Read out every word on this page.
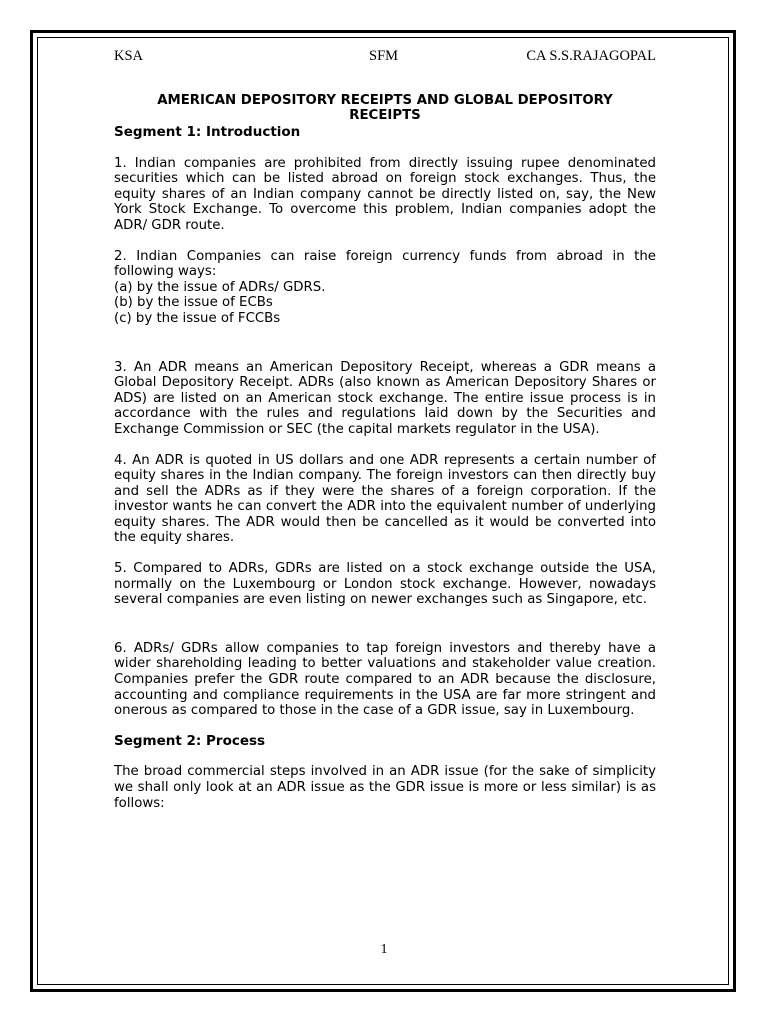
KSA	SFM	CA S.S.RAJAGOPAL

AMERICAN DEPOSITORY RECEIPTS AND GLOBAL DEPOSITORY RECEIPTS

Segment 1: Introduction

1. Indian companies are prohibited from directly issuing rupee denominated securities which can be listed abroad on foreign stock exchanges. Thus, the equity shares of an Indian company cannot be directly listed on, say, the New York Stock Exchange. To overcome this problem, Indian companies adopt the ADR/ GDR route.

2. Indian Companies can raise foreign currency funds from abroad in the following ways:

(a) by the issue of ADRs/ GDRS.

(b) by the issue of ECBs

(c) by the issue of FCCBs

3. An ADR means an American Depository Receipt, whereas a GDR means a Global Depository Receipt. ADRs (also known as American Depository Shares or ADS) are listed on an American stock exchange. The entire issue process is in accordance with the rules and regulations laid down by the Securities and Exchange Commission or SEC (the capital markets regulator in the USA).

4. An ADR is quoted in US dollars and one ADR represents a certain number of equity shares in the Indian company. The foreign investors can then directly buy and sell the ADRs as if they were the shares of a foreign corporation. If the investor wants he can convert the ADR into the equivalent number of underlying equity shares. The ADR would then be cancelled as it would be converted into the equity shares.

5. Compared to ADRs, GDRs are listed on a stock exchange outside the USA, normally on the Luxembourg or London stock exchange. However, nowadays several companies are even listing on newer exchanges such as Singapore, etc.

6. ADRs/ GDRs allow companies to tap foreign investors and thereby have a wider shareholding leading to better valuations and stakeholder value creation. Companies prefer the GDR route compared to an ADR because the disclosure, accounting and compliance requirements in the USA are far more stringent and onerous as compared to those in the case of a GDR issue, say in Luxembourg.

Segment 2: Process

The broad commercial steps involved in an ADR issue (for the sake of simplicity we shall only look at an ADR issue as the GDR issue is more or less similar) is as follows:

1
